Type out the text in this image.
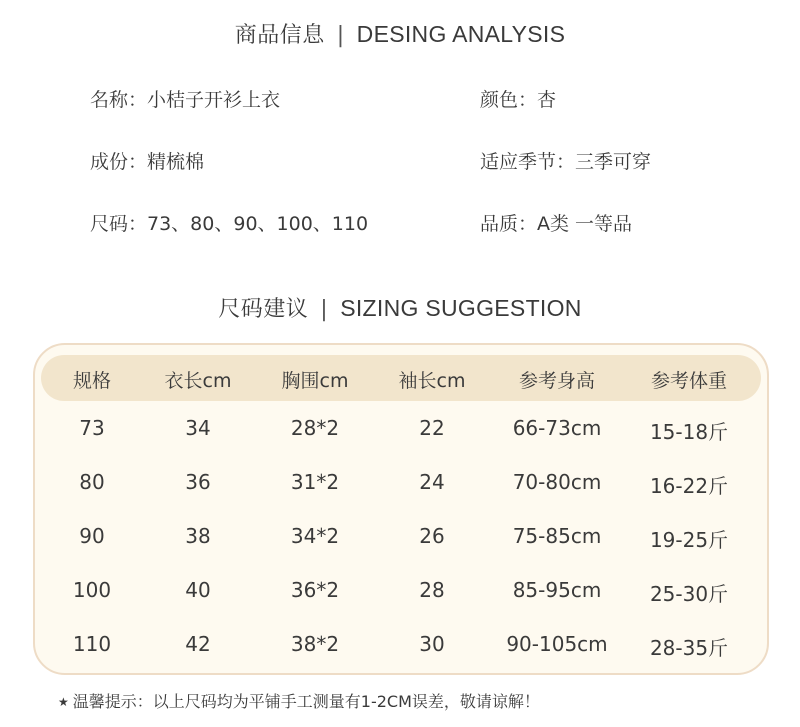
商品信息 | DESING ANALYSIS
名称：小桔子开衫上衣	颜色：杏
成份：精梳棉	适应季节：三季可穿
尺码：73、80、90、100、110	品质：A类 一等品
尺码建议 | SIZING SUGGESTION
规格	衣长cm	胸围cm	袖长cm	参考身高	参考体重
73	34	28*2	22	66-73cm 15-18斤
80	36	31*2	24	70-80cm 16-22斤
90	38	34*2	26	75-85cm 19-25斤
100	40	36*2	28	85-95cm 25-30斤
110	42	38*2	30	90-105cm 28-35斤
★ 温馨提示：以上尺码均为平铺手工测量有1-2CM误差，敬请谅解！
